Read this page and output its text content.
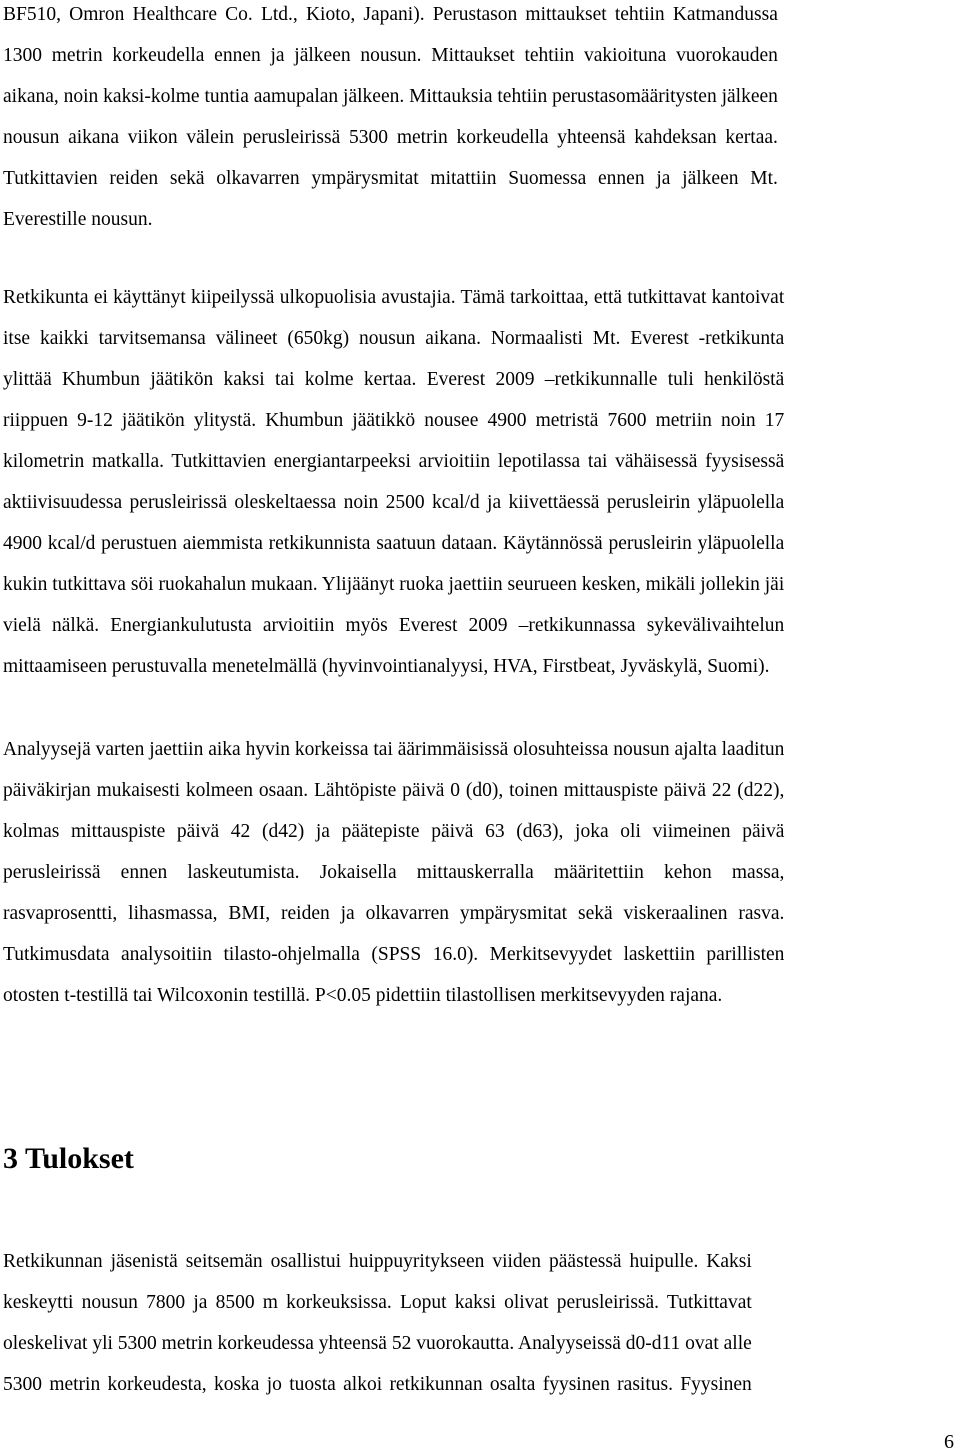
BF510, Omron Healthcare Co. Ltd., Kioto, Japani). Perustason mittaukset tehtiin Katmandussa
1300 metrin korkeudella ennen ja jälkeen nousun. Mittaukset tehtiin vakioituna vuorokauden
aikana, noin kaksi-kolme tuntia aamupalan jälkeen. Mittauksia tehtiin perustasomääritysten jälkeen
nousun aikana viikon välein perusleirissä 5300 metrin korkeudella yhteensä kahdeksan kertaa.
Tutkittavien reiden sekä olkavarren ympärysmitat mitattiin Suomessa ennen ja jälkeen Mt.
Everestille nousun.

Retkikunta ei käyttänyt kiipeilyssä ulkopuolisia avustajia. Tämä tarkoittaa, että tutkittavat kantoivat
itse kaikki tarvitsemansa välineet (650kg) nousun aikana. Normaalisti Mt. Everest -retkikunta
ylittää Khumbun jäätikön kaksi tai kolme kertaa. Everest 2009 –retkikunnalle tuli henkilöstä
riippuen 9-12 jäätikön ylitystä. Khumbun jäätikkö nousee 4900 metristä 7600 metriin noin 17
kilometrin matkalla. Tutkittavien energiantarpeeksi arvioitiin lepotilassa tai vähäisessä fyysisessä
aktiivisuudessa perusleirissä oleskeltaessa noin 2500 kcal/d ja kiivettäessä perusleirin yläpuolella
4900 kcal/d perustuen aiemmista retkikunnista saatuun dataan. Käytännössä perusleirin yläpuolella
kukin tutkittava söi ruokahalun mukaan. Ylijäänyt ruoka jaettiin seurueen kesken, mikäli jollekin jäi
vielä nälkä. Energiankulutusta arvioitiin myös Everest 2009 –retkikunnassa sykevälivaihtelun
mittaamiseen perustuvalla menetelmällä (hyvinvointianalyysi, HVA, Firstbeat, Jyväskylä, Suomi).

Analyysejä varten jaettiin aika hyvin korkeissa tai äärimmäisissä olosuhteissa nousun ajalta laaditun
päiväkirjan mukaisesti kolmeen osaan. Lähtöpiste päivä 0 (d0), toinen mittauspiste päivä 22 (d22),
kolmas mittauspiste päivä 42 (d42) ja päätepiste päivä 63 (d63), joka oli viimeinen päivä
perusleirissä ennen laskeutumista. Jokaisella mittauskerralla määritettiin kehon massa,
rasvaprosentti, lihasmassa, BMI, reiden ja olkavarren ympärysmitat sekä viskeraalinen rasva.
Tutkimusdata analysoitiin tilasto-ohjelmalla (SPSS 16.0). Merkitsevyydet laskettiin parillisten
otosten t-testillä tai Wilcoxonin testillä. P<0.05 pidettiin tilastollisen merkitsevyyden rajana.

3 Tulokset

Retkikunnan jäsenistä seitsemän osallistui huippuyritykseen viiden päästessä huipulle. Kaksi
keskeytti nousun 7800 ja 8500 m korkeuksissa. Loput kaksi olivat perusleirissä. Tutkittavat
oleskelivat yli 5300 metrin korkeudessa yhteensä 52 vuorokautta. Analyyseissä d0-d11 ovat alle
5300 metrin korkeudesta, koska jo tuosta alkoi retkikunnan osalta fyysinen rasitus. Fyysinen

6
